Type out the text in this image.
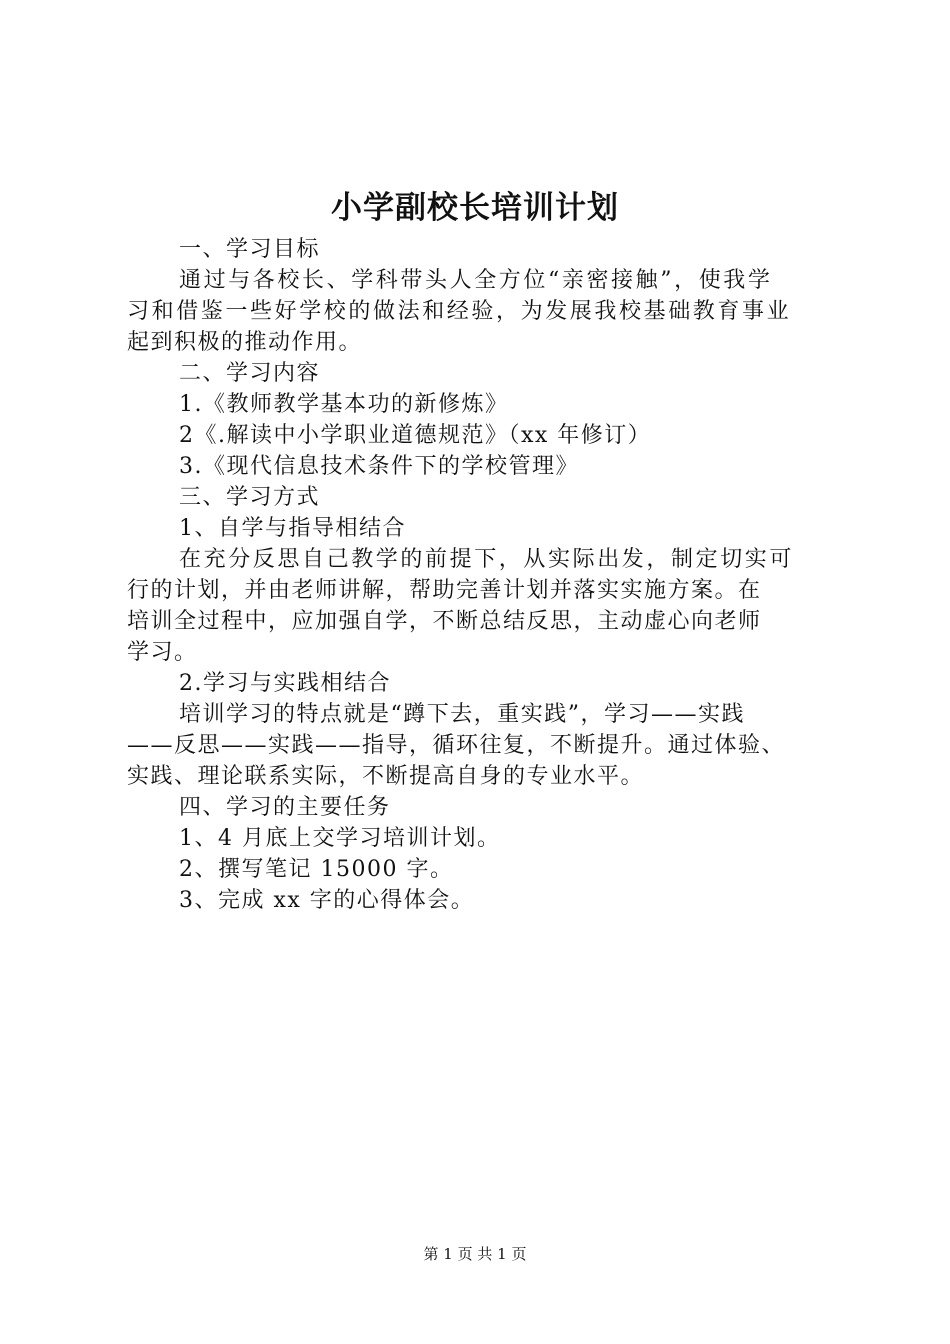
小学副校长培训计划
一、学习目标
通过与各校长、学科带头人全方位“亲密接触”，使我学
习和借鉴一些好学校的做法和经验，为发展我校基础教育事业
起到积极的推动作用。
二、学习内容
1.《教师教学基本功的新修炼》
2《.解读中小学职业道德规范》（xx 年修订）
3.《现代信息技术条件下的学校管理》
三、学习方式
1、自学与指导相结合
在充分反思自己教学的前提下，从实际出发，制定切实可
行的计划，并由老师讲解，帮助完善计划并落实实施方案。在
培训全过程中，应加强自学，不断总结反思，主动虚心向老师
学习。
2.学习与实践相结合
培训学习的特点就是“蹲下去，重实践”，学习——实践
——反思——实践——指导，循环往复，不断提升。通过体验、
实践、理论联系实际，不断提高自身的专业水平。
四、学习的主要任务
1、4 月底上交学习培训计划。
2、撰写笔记 15000 字。
3、完成 xx 字的心得体会。
第 1 页 共 1 页
